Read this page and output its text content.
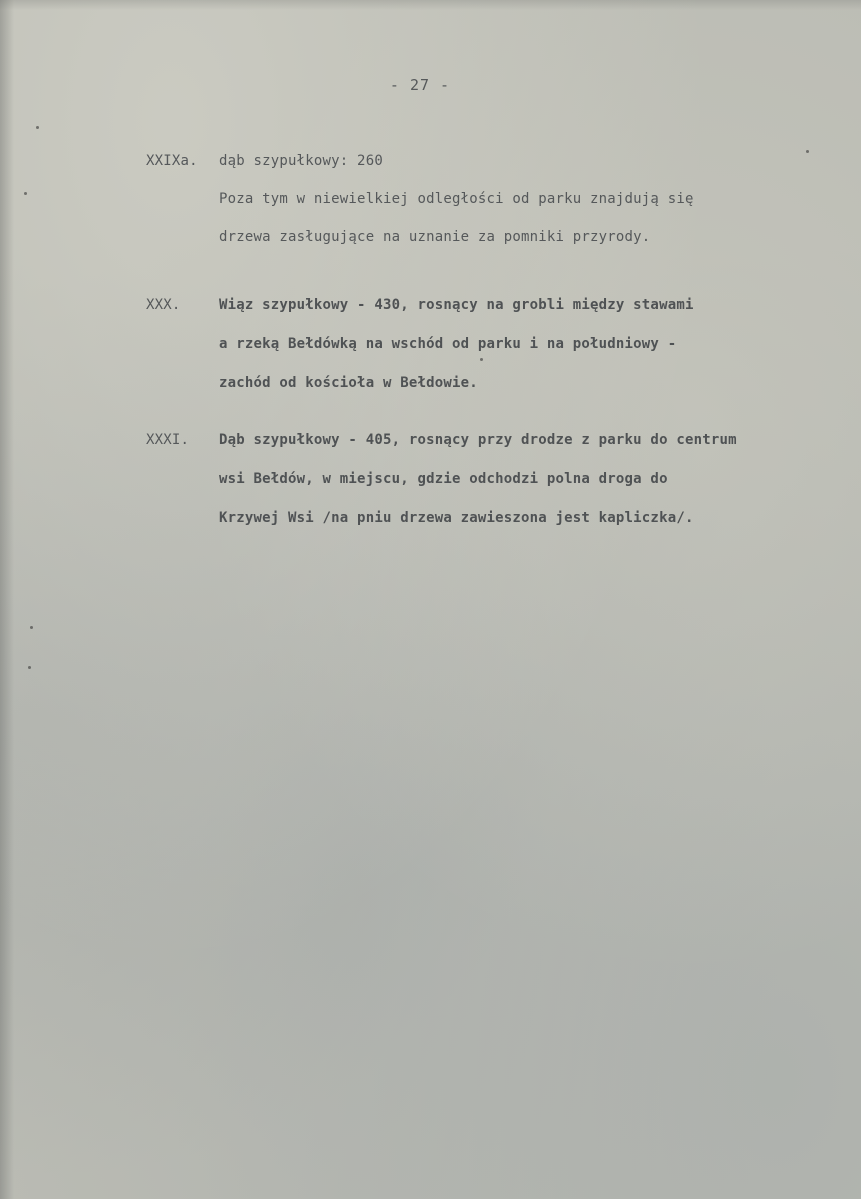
- 27 -
XXIXa. dąb szypułkowy: 260
Poza tym w niewielkiej odległości od parku znajdują się
drzewa zasługujące na uznanie za pomniki przyrody.
XXX.	Wiąz szypułkowy - 430, rosnący na grobli między stawami
a rzeką Bełdówką na wschód od parku i na południowy -
zachód od kościoła w Bełdowie.
XXXI. Dąb szypułkowy - 405, rosnący przy drodze z parku do centrum
wsi Bełdów, w miejscu, gdzie odchodzi polna droga do
Krzywej Wsi /na pniu drzewa zawieszona jest kapliczka/.
